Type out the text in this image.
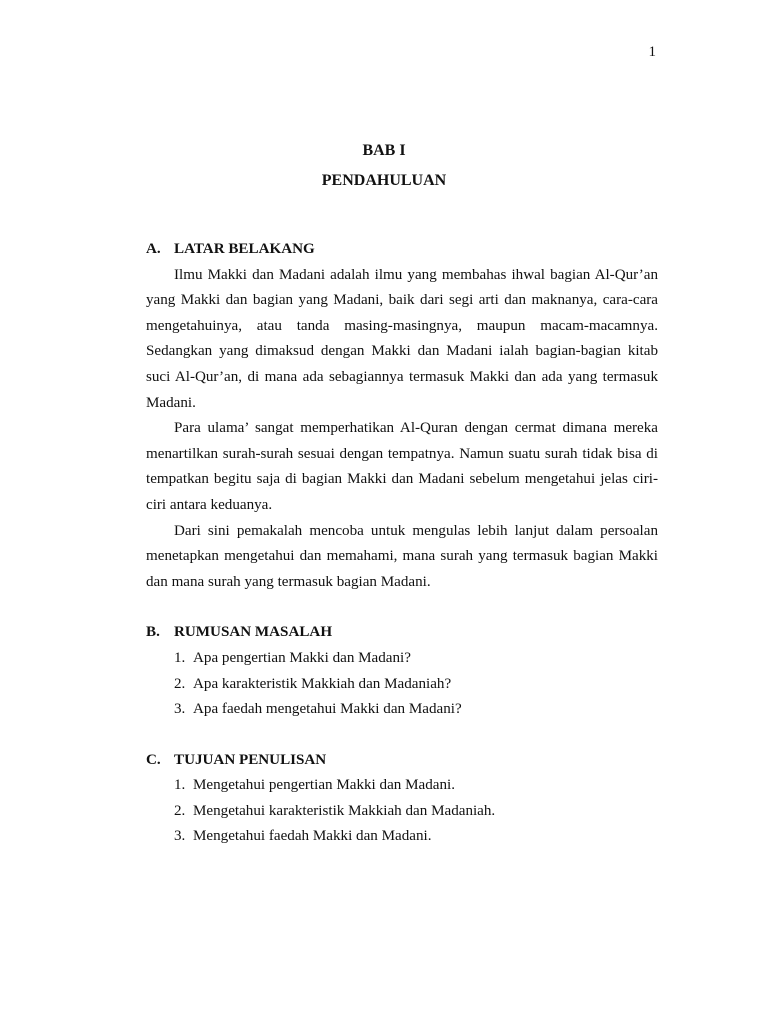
1
BAB I
PENDAHULUAN
A. LATAR BELAKANG

Ilmu Makki dan Madani adalah ilmu yang membahas ihwal bagian Al-Qur’an yang Makki dan bagian yang Madani, baik dari segi arti dan maknanya, cara-cara mengetahuinya, atau tanda masing-masingnya, maupun macam-macamnya. Sedangkan yang dimaksud dengan Makki dan Madani ialah bagian-bagian kitab suci Al-Qur’an, di mana ada sebagiannya termasuk Makki dan ada yang termasuk Madani.

Para ulama’ sangat memperhatikan Al-Quran dengan cermat dimana mereka menartilkan surah-surah sesuai dengan tempatnya. Namun suatu surah tidak bisa di tempatkan begitu saja di bagian Makki dan Madani sebelum mengetahui jelas ciri-ciri antara keduanya.

Dari sini pemakalah mencoba untuk mengulas lebih lanjut dalam persoalan menetapkan mengetahui dan memahami, mana surah yang termasuk bagian Makki dan mana surah yang termasuk bagian Madani.

B. RUMUSAN MASALAH
1. Apa pengertian Makki dan Madani?
2. Apa karakteristik Makkiah dan Madaniah?
3. Apa faedah mengetahui Makki dan Madani?
C. TUJUAN PENULISAN
1. Mengetahui pengertian Makki dan Madani.
2. Mengetahui karakteristik Makkiah dan Madaniah.
3. Mengetahui faedah Makki dan Madani.
